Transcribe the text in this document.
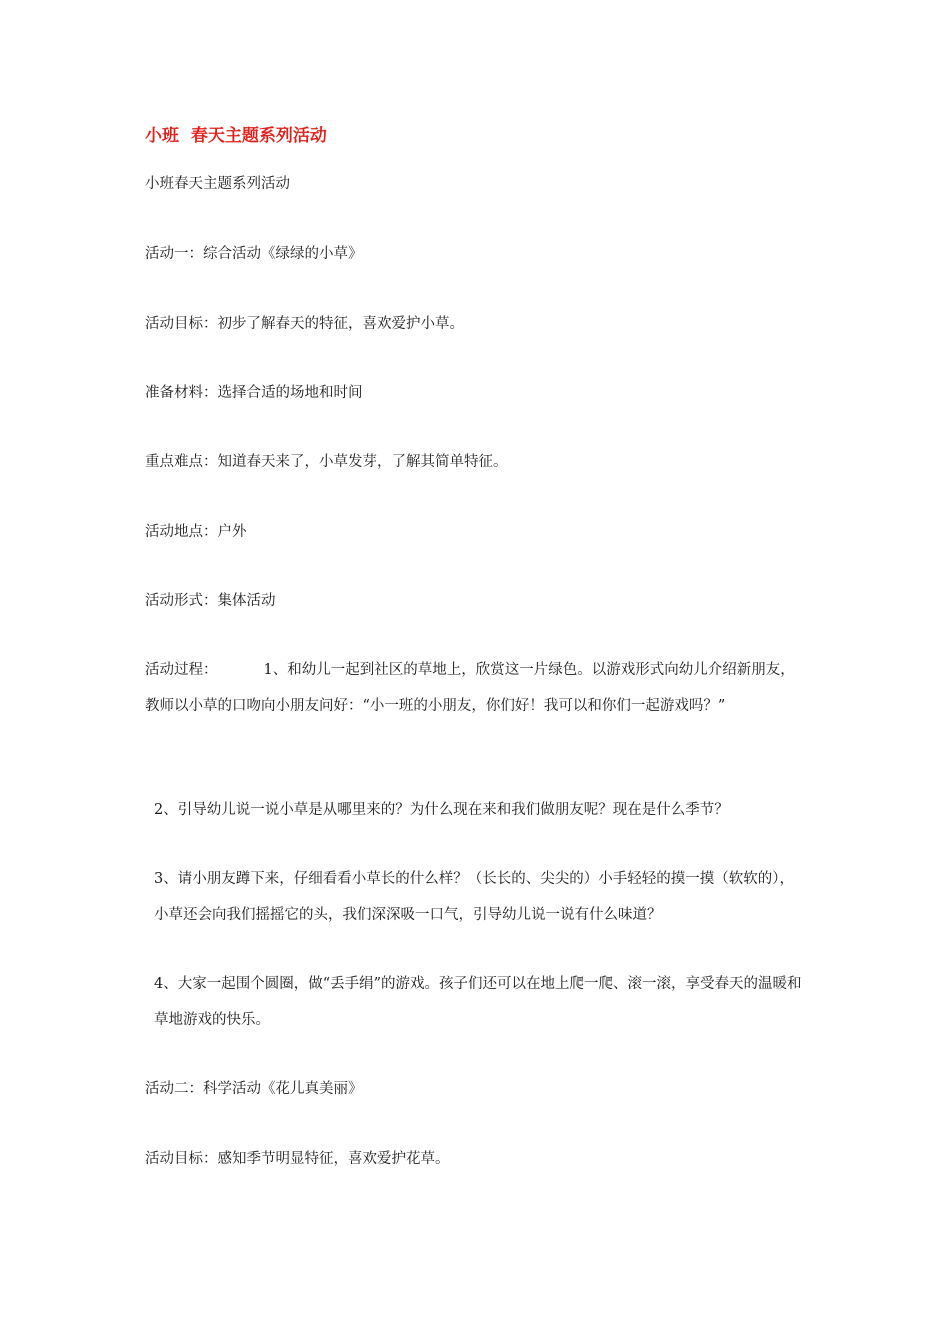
小班  春天主题系列活动

小班春天主题系列活动

活动一：综合活动《绿绿的小草》

活动目标：初步了解春天的特征，喜欢爱护小草。

准备材料：选择合适的场地和时间

重点难点：知道春天来了，小草发芽，了解其简单特征。

活动地点：户外

活动形式：集体活动

活动过程：	1、和幼儿一起到社区的草地上，欣赏这一片绿色。以游戏形式向幼儿介绍新朋友，教师以小草的口吻向小朋友问好：“小一班的小朋友，你们好！我可以和你们一起游戏吗？”

2、引导幼儿说一说小草是从哪里来的？为什么现在来和我们做朋友呢？现在是什么季节？

3、请小朋友蹲下来，仔细看看小草长的什么样？（长长的、尖尖的）小手轻轻的摸一摸（软软的），小草还会向我们摇摇它的头，我们深深吸一口气，引导幼儿说一说有什么味道？

4、大家一起围个圆圈，做“丢手绢”的游戏。孩子们还可以在地上爬一爬、滚一滚，享受春天的温暖和草地游戏的快乐。

活动二：科学活动《花儿真美丽》

活动目标：感知季节明显特征，喜欢爱护花草。
